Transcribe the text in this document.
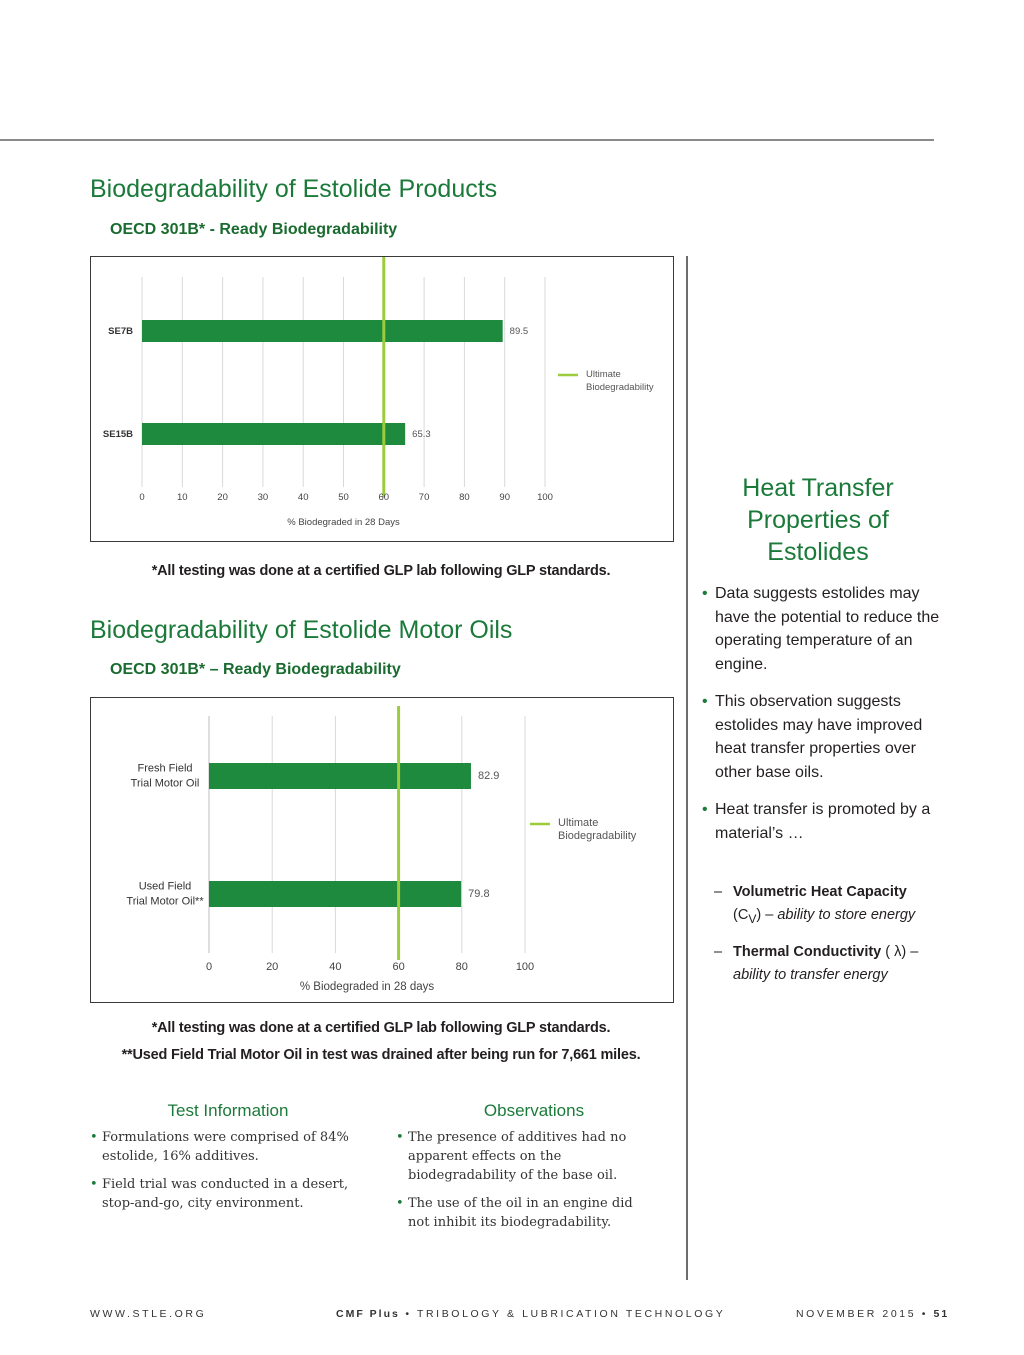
Biodegradability of Estolide Products
OECD 301B* - Ready Biodegradability
89.5
SE7B
65.3
SE15B
0	10	20	30	40	50	60	70	80	90	100
% Biodegraded in 28 Days
Ultimate
Biodegradability
*All testing was done at a certified GLP lab following GLP standards.
Biodegradability of Estolide Motor Oils
OECD 301B* – Ready Biodegradability
82.9
Fresh Field
Trial Motor Oil
79.8
Used Field
Trial Motor Oil**
0	20	40	60	80	100
% Biodegraded in 28 days
Ultimate
Biodegradability
*All testing was done at a certified GLP lab following GLP standards.
**Used Field Trial Motor Oil in test was drained after being run for 7,661 miles.
Test Information
• Formulations were comprised of 84% estolide, 16% additives.
• Field trial was conducted in a desert, stop-and-go, city environment.
Observations
• The presence of additives had no apparent effects on the biodegradability of the base oil.
• The use of the oil in an engine did not inhibit its biodegradability.
Heat Transfer
Properties of
Estolides
• Data suggests estolides may have the potential to reduce the operating temperature of an engine.
• This observation suggests estolides may have improved heat transfer properties over other base oils.
• Heat transfer is promoted by a material’s …
– Volumetric Heat Capacity
$(C_V)$ – ability to store energy
– Thermal Conductivity ( λ) –
ability to transfer energy
WWW.STLE.ORG	CMF Plus • TRIBOLOGY & LUBRICATION TECHNOLOGY	NOVEMBER 2015 • 51
